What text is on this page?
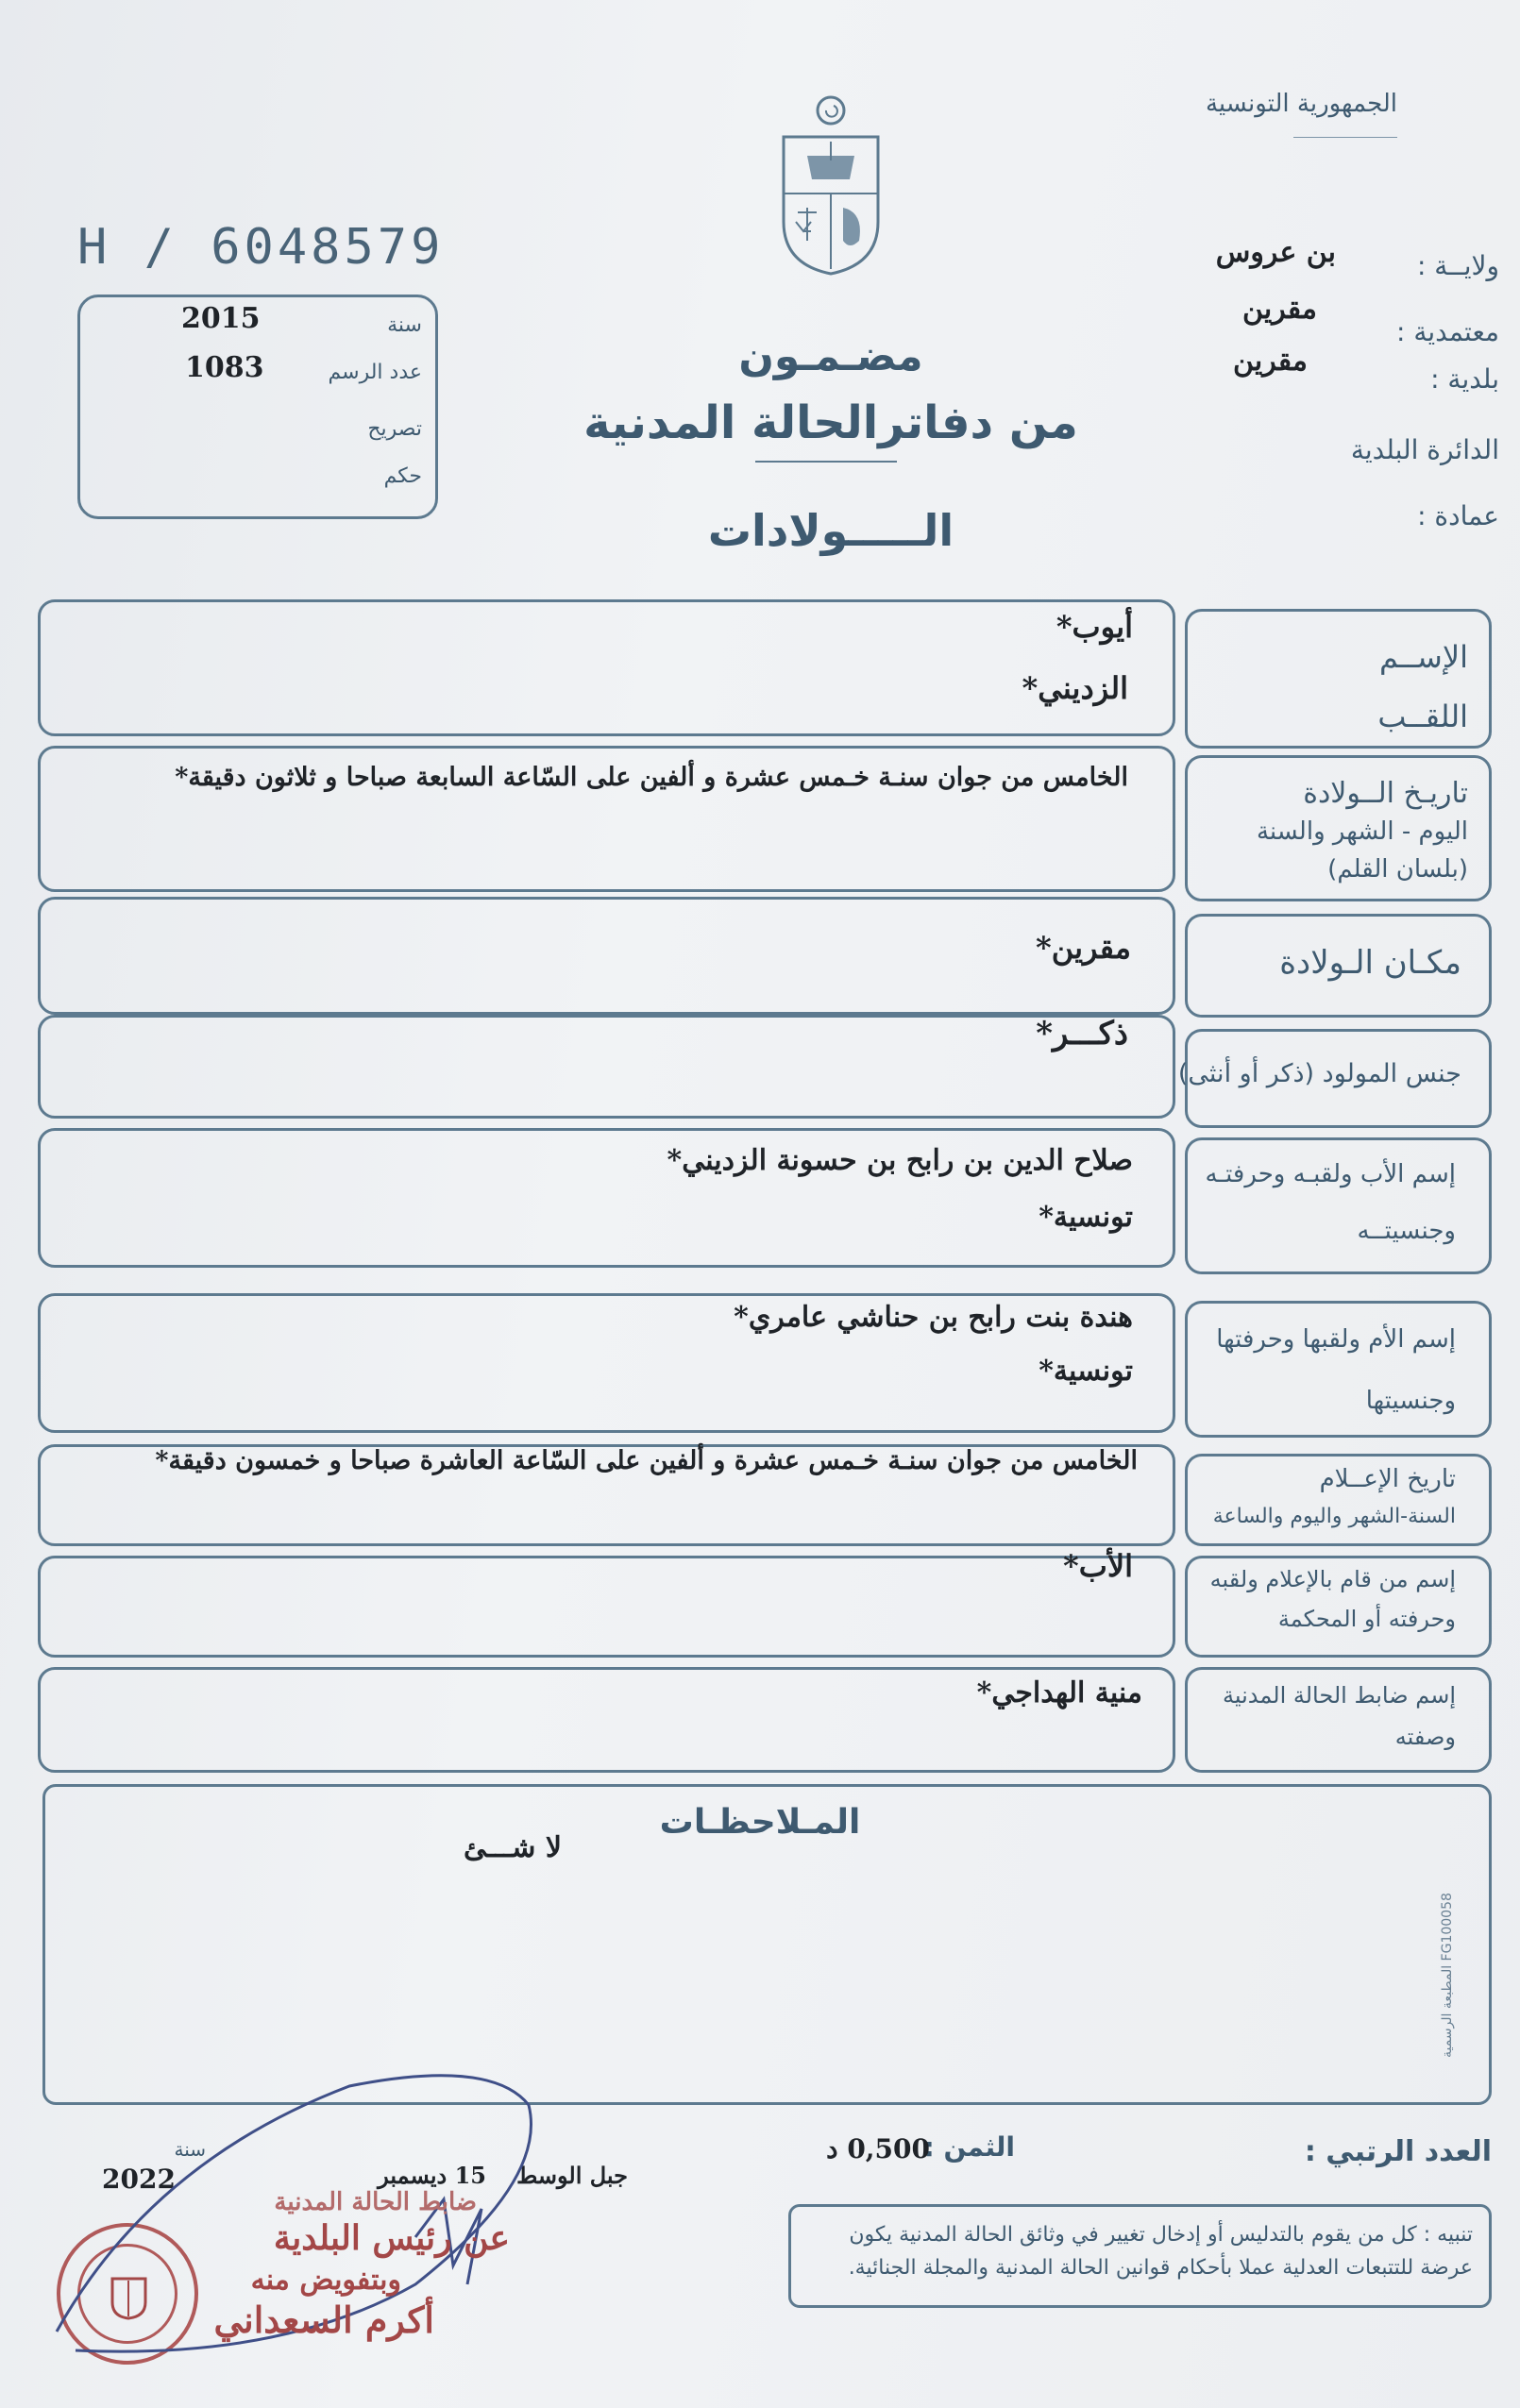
الجمهورية التونسية
H / 6048579
سنة
2015
عدد الرسم
1083
تصريح
حكم
ولايــة :
بن عروس
معتمدية :
مقرين
بلدية :
مقرين
الدائرة البلدية
عمادة :
مضـمـون
من دفاترالحالة المدنية
الـــــولادات
الإســم
اللقــب
أيوب*
الزديني*
تاريـخ الــولادة
اليوم - الشهر والسنة
(بلسان القلم)
الخامس من جوان سنـة خـمس عشرة و ألفين على السّاعة السابعة صباحا و ثلاثون دقيقة*
مكـان الـولادة
مقرين*
جنس المولود (ذكر أو أنثى)
ذكـــر*
إسم الأب ولقبـه وحرفتـه
وجنسيتــه
صلاح الدين بن رابح بن حسونة الزديني*
تونسية*
إسم الأم ولقبها وحرفتها
وجنسيتها
هندة بنت رابح بن حناشي عامري*
تونسية*
تاريخ الإعــلام
السنة-الشهر واليوم والساعة
الخامس من جوان سنـة خـمس عشرة و ألفين على السّاعة العاشرة صباحا و خمسون دقيقة*
إسم من قام بالإعلام ولقبه
وحرفته أو المحكمة
الأب*
إسم ضابط الحالة المدنية
وصفته
منية الهداجي*
المـلاحظـات
لا شـــئ
المطبعة الرسمية FG100058
العدد الرتبي :
الثمن :
0,500 د
جبل الوسط
15 ديسمبر
سنة
2022
تنبيه : كل من يقوم بالتدليس أو إدخال تغيير في وثائق الحالة المدنية يكون عرضة للتتبعات العدلية عملا بأحكام قوانين الحالة المدنية والمجلة الجنائية.
ضابط الحالة المدنية
عن رئيس البلدية
وبتفويض منه
أكرم السعداني
